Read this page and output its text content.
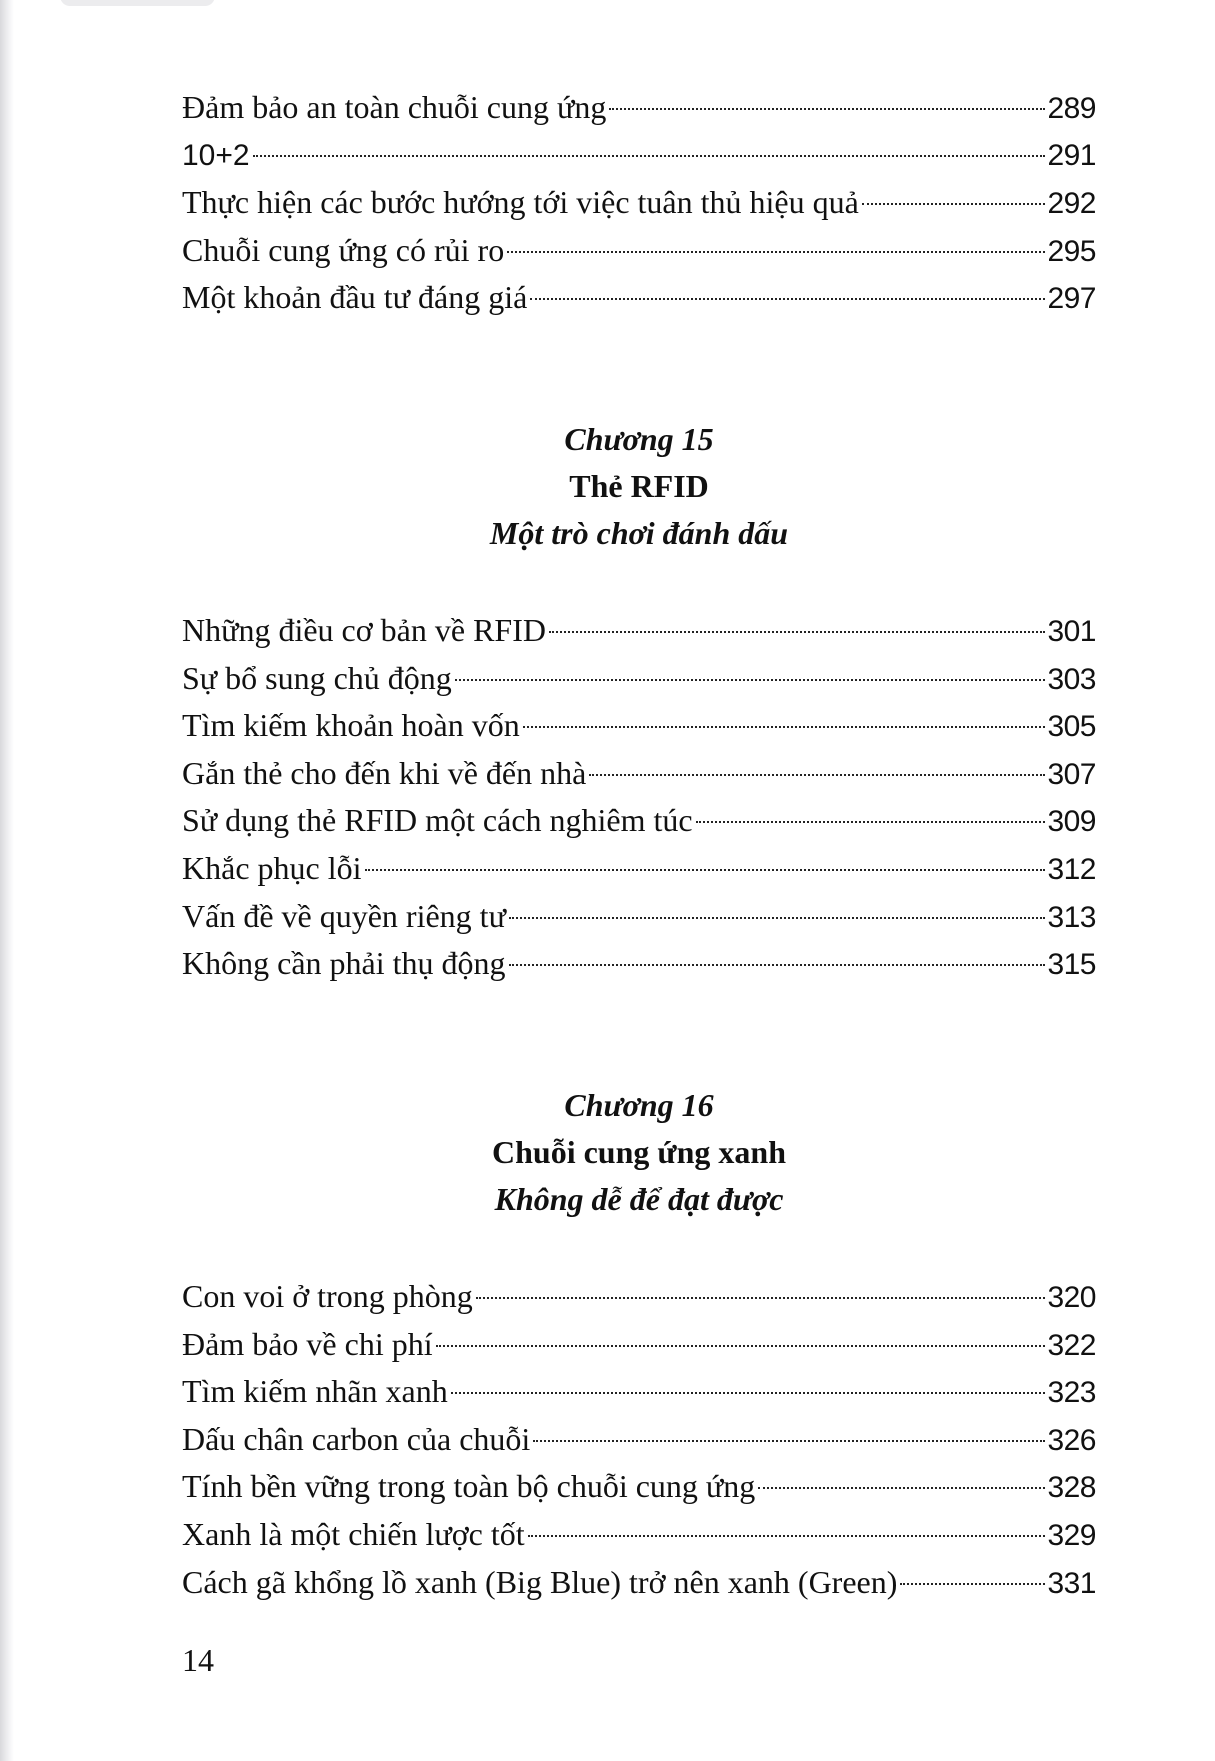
Đảm bảo an toàn chuỗi cung ứng	289
10+2	291
Thực hiện các bước hướng tới việc tuân thủ hiệu quả	292
Chuỗi cung ứng có rủi ro	295
Một khoản đầu tư đáng giá	297
Chương 15
Thẻ RFID
Một trò chơi đánh dấu
Những điều cơ bản về RFID	301
Sự bổ sung chủ động	303
Tìm kiếm khoản hoàn vốn	305
Gắn thẻ cho đến khi về đến nhà	307
Sử dụng thẻ RFID một cách nghiêm túc	309
Khắc phục lỗi	312
Vấn đề về quyền riêng tư	313
Không cần phải thụ động	315
Chương 16
Chuỗi cung ứng xanh
Không dễ để đạt được
Con voi ở trong phòng	320
Đảm bảo về chi phí	322
Tìm kiếm nhãn xanh	323
Dấu chân carbon của chuỗi	326
Tính bền vững trong toàn bộ chuỗi cung ứng	328
Xanh là một chiến lược tốt	329
Cách gã khổng lồ xanh (Big Blue) trở nên xanh (Green)	331
14
